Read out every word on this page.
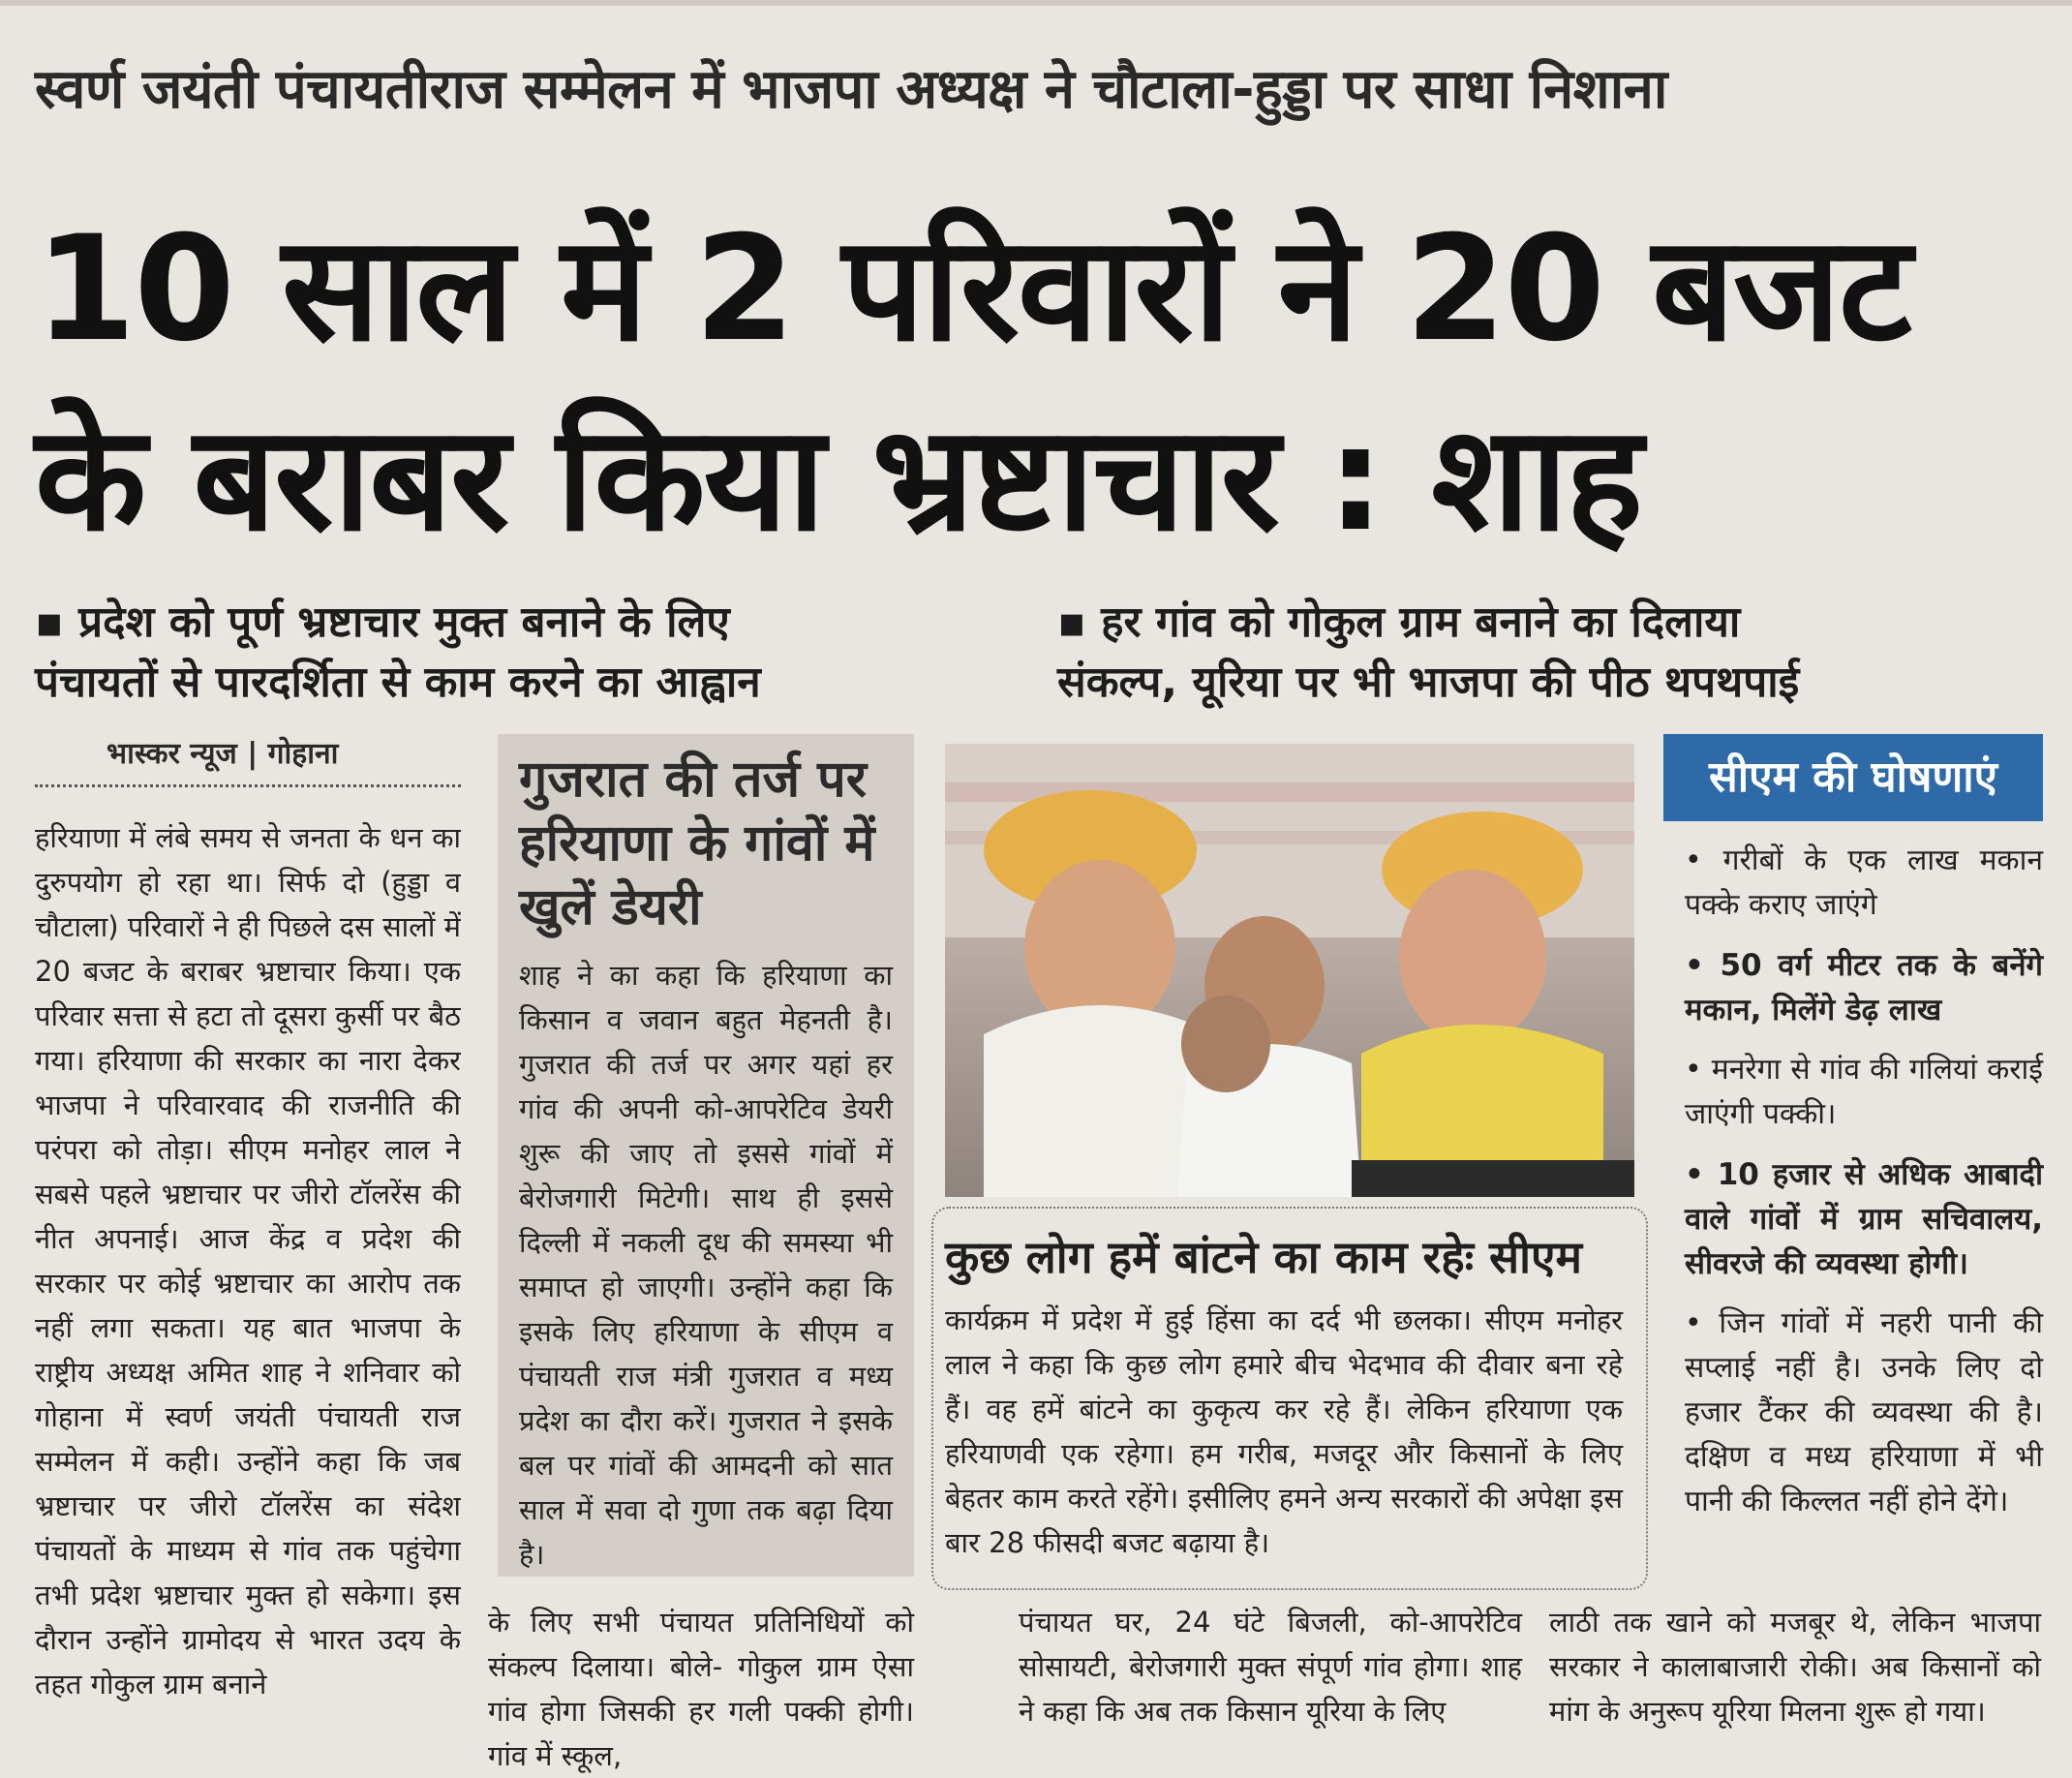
स्वर्ण जयंती पंचायतीराज सम्मेलन में भाजपा अध्यक्ष ने चौटाला-हुड्डा पर साधा निशाना
10 साल में 2 परिवारों ने 20 बजट
के बराबर किया भ्रष्टाचार : शाह
▪ प्रदेश को पूर्ण भ्रष्टाचार मुक्त बनाने के लिए
पंचायतों से पारदर्शिता से काम करने का आह्वान
▪ हर गांव को गोकुल ग्राम बनाने का दिलाया
संकल्प, यूरिया पर भी भाजपा की पीठ थपथपाई
भास्कर न्यूज | गोहाना
हरियाणा में लंबे समय से जनता के धन का दुरुपयोग हो रहा था। सिर्फ दो (हुड्डा व चौटाला) परिवारों ने ही पिछले दस सालों में 20 बजट के बराबर भ्रष्टाचार किया। एक परिवार सत्ता से हटा तो दूसरा कुर्सी पर बैठ गया। हरियाणा की सरकार का नारा देकर भाजपा ने परिवारवाद की राजनीति की परंपरा को तोड़ा। सीएम मनोहर लाल ने सबसे पहले भ्रष्टाचार पर जीरो टॉलरेंस की नीत अपनाई। आज केंद्र व प्रदेश की सरकार पर कोई भ्रष्टाचार का आरोप तक नहीं लगा सकता। यह बात भाजपा के राष्ट्रीय अध्यक्ष अमित शाह ने शनिवार को गोहाना में स्वर्ण जयंती पंचायती राज सम्मेलन में कही। उन्होंने कहा कि जब भ्रष्टाचार पर जीरो टॉलरेंस का संदेश पंचायतों के माध्यम से गांव तक पहुंचेगा तभी प्रदेश भ्रष्टाचार मुक्त हो सकेगा। इस दौरान उन्होंने ग्रामोदय से भारत उदय के तहत गोकुल ग्राम बनाने
गुजरात की तर्ज पर हरियाणा के गांवों में खुलें डेयरी
शाह ने का कहा कि हरियाणा का किसान व जवान बहुत मेहनती है। गुजरात की तर्ज पर अगर यहां हर गांव की अपनी को-आपरेटिव डेयरी शुरू की जाए तो इससे गांवों में बेरोजगारी मिटेगी। साथ ही इससे दिल्ली में नकली दूध की समस्या भी समाप्त हो जाएगी। उन्होंने कहा कि इसके लिए हरियाणा के सीएम व पंचायती राज मंत्री गुजरात व मध्य प्रदेश का दौरा करें। गुजरात ने इसके बल पर गांवों की आमदनी को सात साल में सवा दो गुणा तक बढ़ा दिया है।
कुछ लोग हमें बांटने का काम रहेः सीएम
कार्यक्रम में प्रदेश में हुई हिंसा का दर्द भी छलका। सीएम मनोहर लाल ने कहा कि कुछ लोग हमारे बीच भेदभाव की दीवार बना रहे हैं। वह हमें बांटने का कुकृत्य कर रहे हैं। लेकिन हरियाणा एक हरियाणवी एक रहेगा। हम गरीब, मजदूर और किसानों के लिए बेहतर काम करते रहेंगे। इसीलिए हमने अन्य सरकारों की अपेक्षा इस बार 28 फीसदी बजट बढ़ाया है।
सीएम की घोषणाएं
• गरीबों के एक लाख मकान पक्के कराए जाएंगे
• 50 वर्ग मीटर तक के बनेंगे मकान, मिलेंगे डेढ़ लाख
• मनरेगा से गांव की गलियां कराई जाएंगी पक्की।
• 10 हजार से अधिक आबादी वाले गांवों में ग्राम सचिवालय, सीवरजे की व्यवस्था होगी।
• जिन गांवों में नहरी पानी की सप्लाई नहीं है। उनके लिए दो हजार टैंकर की व्यवस्था की है। दक्षिण व मध्य हरियाणा में भी पानी की किल्लत नहीं होने देंगे।
के लिए सभी पंचायत प्रतिनिधियों को संकल्प दिलाया। बोले- गोकुल ग्राम ऐसा गांव होगा जिसकी हर गली पक्की होगी। गांव में स्कूल,
पंचायत घर, 24 घंटे बिजली, को-आपरेटिव सोसायटी, बेरोजगारी मुक्त संपूर्ण गांव होगा। शाह ने कहा कि अब तक किसान यूरिया के लिए
लाठी तक खाने को मजबूर थे, लेकिन भाजपा सरकार ने कालाबाजारी रोकी। अब किसानों को मांग के अनुरूप यूरिया मिलना शुरू हो गया।
